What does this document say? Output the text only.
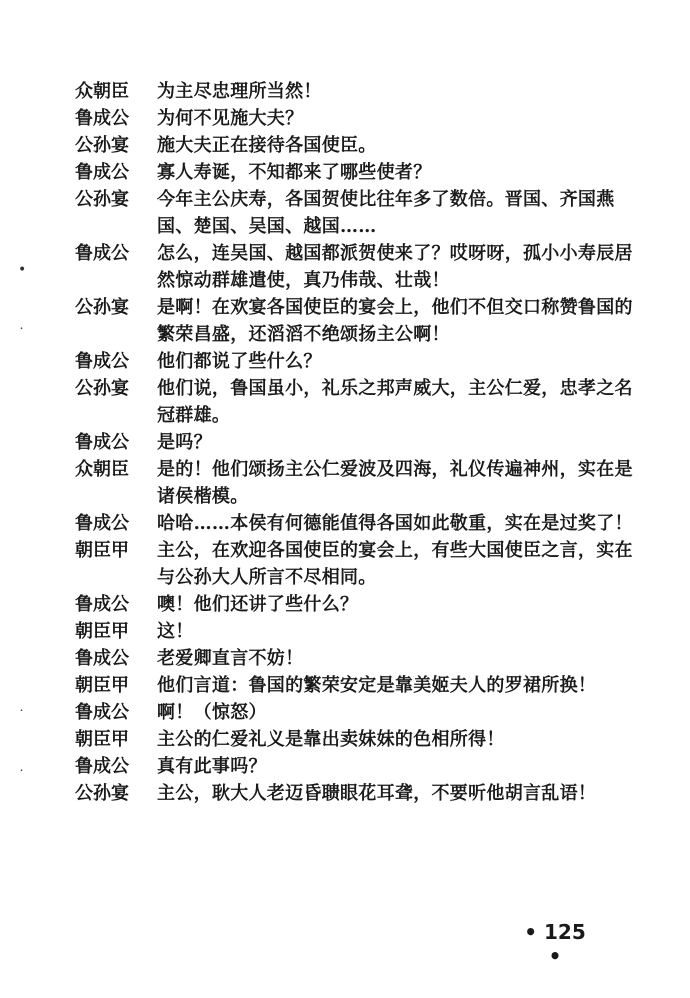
•
˙
˙
˙
众朝臣	为主尽忠理所当然！
鲁成公	为何不见施大夫？
公孙宴	施大夫正在接待各国使臣。
鲁成公	寡人寿诞，不知都来了哪些使者？
公孙宴	今年主公庆寿，各国贺使比往年多了数倍。晋国、齐国燕国、楚国、吴国、越国……
鲁成公	怎么，连吴国、越国都派贺使来了？哎呀呀，孤小小寿辰居然惊动群雄遣使，真乃伟哉、壮哉！
公孙宴	是啊！在欢宴各国使臣的宴会上，他们不但交口称赞鲁国的繁荣昌盛，还滔滔不绝颂扬主公啊！
鲁成公	他们都说了些什么？
公孙宴	他们说，鲁国虽小，礼乐之邦声威大，主公仁爱，忠孝之名冠群雄。
鲁成公	是吗？
众朝臣	是的！他们颂扬主公仁爱波及四海，礼仪传遍神州，实在是诸侯楷模。
鲁成公	哈哈……本侯有何德能值得各国如此敬重，实在是过奖了！
朝臣甲	主公，在欢迎各国使臣的宴会上，有些大国使臣之言，实在与公孙大人所言不尽相同。
鲁成公	噢！他们还讲了些什么？
朝臣甲	这！
鲁成公	老爱卿直言不妨！
朝臣甲	他们言道：鲁国的繁荣安定是靠美姬夫人的罗裙所换！
鲁成公	啊！（惊怒）
朝臣甲	主公的仁爱礼义是靠出卖妹妹的色相所得！
鲁成公	真有此事吗？
公孙宴	主公，耿大人老迈昏聩眼花耳聋，不要听他胡言乱语！
• 125 •
